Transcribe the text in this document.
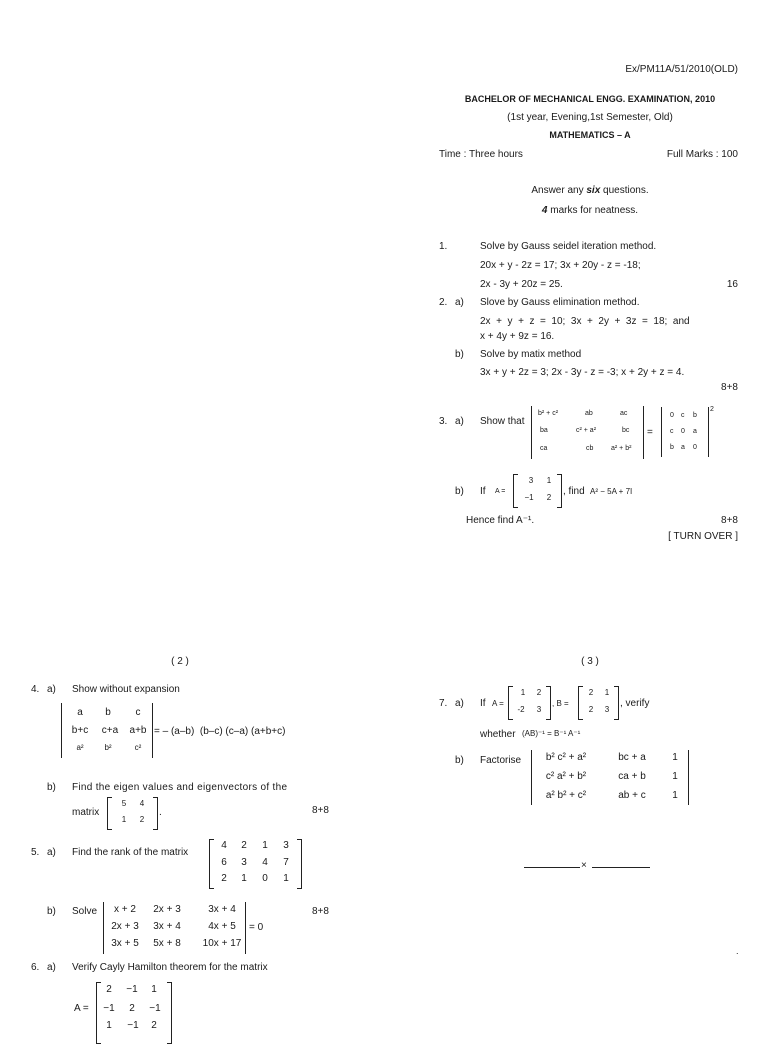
Ex/PM11A/51/2010(OLD)
BACHELOR OF MECHANICAL ENGG. EXAMINATION, 2010
(1st year, Evening,1st Semester, Old)
MATHEMATICS – A
Time : Three hours	Full Marks : 100
Answer any six questions.
4 marks for neatness.
1.	Solve by Gauss seidel iteration method.
20x + y - 2z = 17; 3x + 20y - z = -18;
2x - 3y + 20z = 25.	16
2. a) Slove by Gauss elimination method.
2x  +  y  +  z  =  10;  3x  +  2y  +  3z  =  18;  and
x + 4y + 9z = 16.
b) Solve by matix method
3x + y + 2z = 3; 2x - 3y - z = -3; x + 2y + z = 4.
8+8
3. a) Show that
b² + c²	ab	ac
ba	c² + a²	bc
ca	cb	a² + b²
=
0 c b
c 0 a
b a 0
2
b) If A =
3	1
−1	2
, find A² − 5A + 7I
Hence find A⁻¹.	8+8
[ TURN OVER ]
( 2 )
4. a) Show without expansion
a	b	c
b+c	c+a	a+b
a²	b²	c²
= – (a–b)  (b–c) (c–a) (a+b+c)
b) Find the eigen values and eigenvectors of the
matrix
5	4
1	2
.	8+8
5. a) Find the rank of the matrix
4	2	1	3
6	3	4	7
2	1	0	1
b) Solve	x + 2	2x + 3	3x + 4
2x + 3	3x + 4	4x + 5
3x + 5	5x + 8	10x + 17
= 0
8+8
6. a) Verify Cayly Hamilton theorem for the matrix
A =
2	−1	1
−1	2	−1
1	−1	2
( 3 )
7. a) If A =
1	2
-2	3
, B =
2	1
2	3
, verify
whether (AB)⁻¹ = B⁻¹ A⁻¹
b) Factorise	b² c² + a²	bc + a	1
c² a² + b²	ca + b	1
a² b² + c²	ab + c	1
×
.
